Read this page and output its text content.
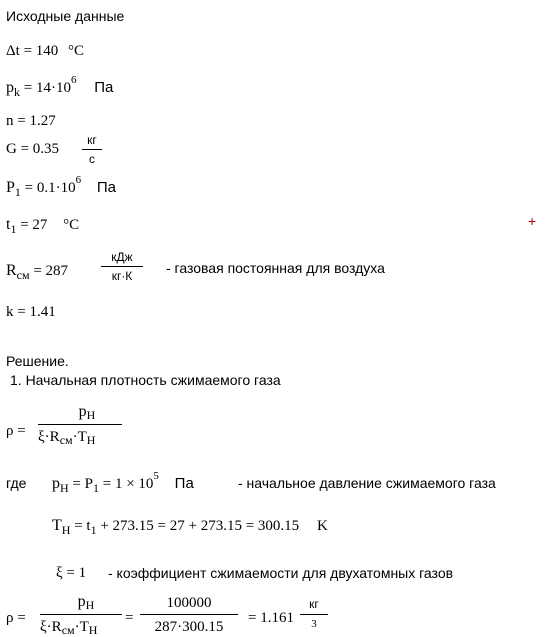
Исходные данные
Δt = 140 °C
$p_k = 14\cdot 10^6$ Па
n = 1.27
G = 0.35
кг
с
$P_1 = 0.1\cdot 10^6$ Па
$t_1 = 27$ °C	+
$R_{см} = 287$
кДж
кг·К	- газовая постоянная для воздуха
k = 1.41
Решение.
1. Начальная плотность сжимаемого газа
ρ =
$p_H$
$\xi\cdot R_{см}\cdot T_H$
где $p_H = P_1 = 1 \times 10^5$ Па	- начальное давление сжимаемого газа
$T_H = t_1 + 273.15 = 27 + 273.15 = 300.15$ K
ξ = 1 - коэффициент сжимаемости для двухатомных газов
ρ =
$p_H$
$\xi\cdot R_{см}\cdot T_H$
=
100000
287·300.15
= 1.161
кг
3
